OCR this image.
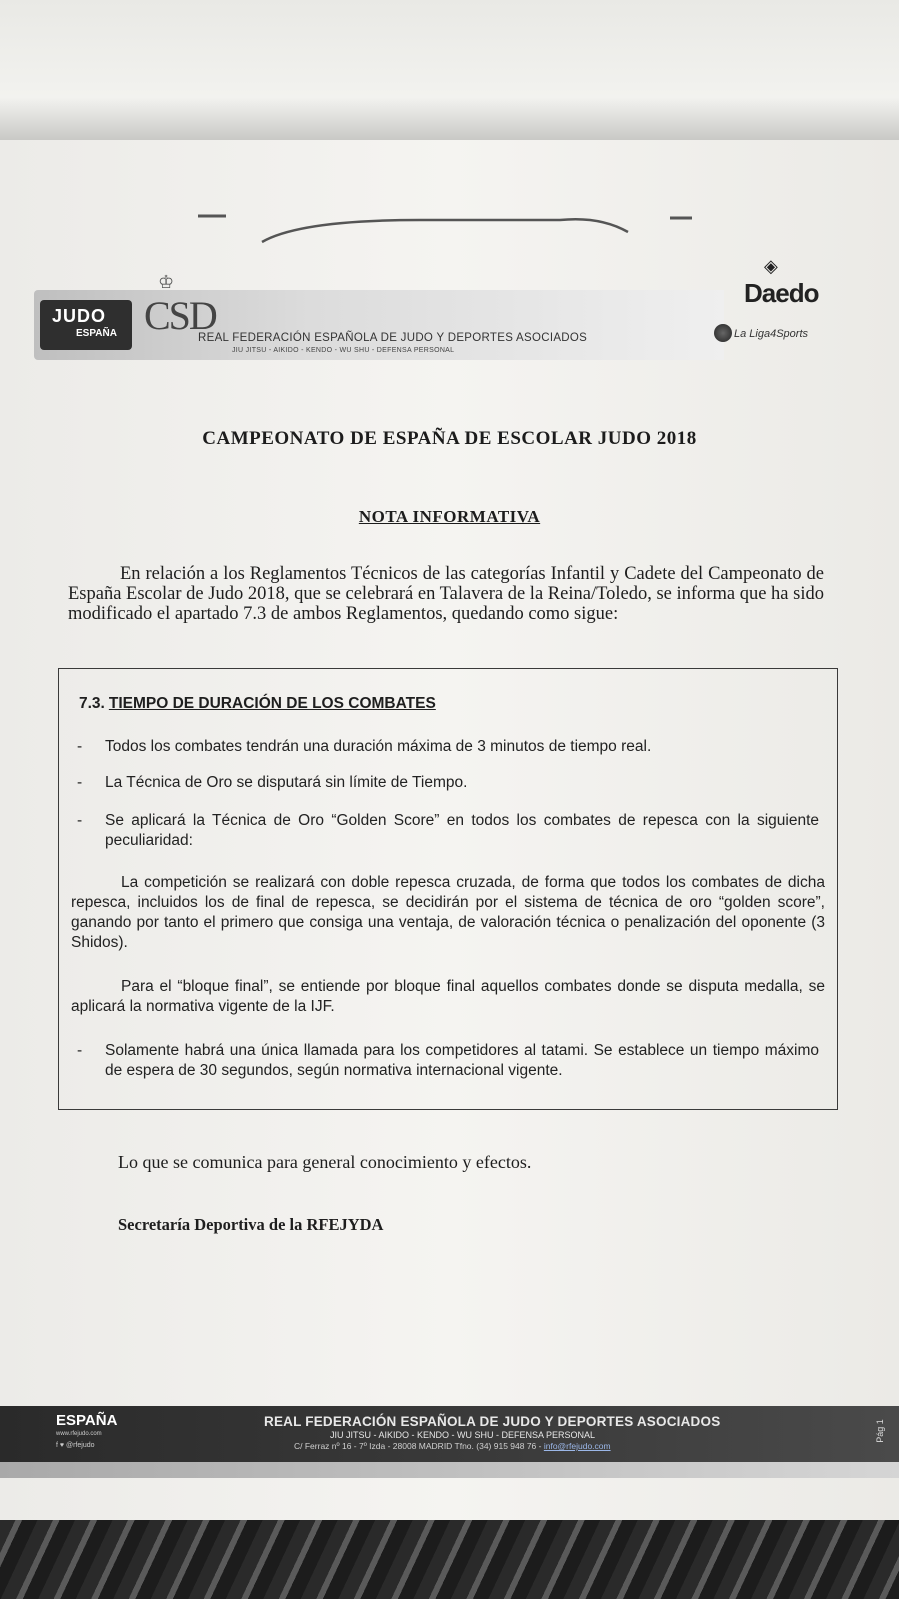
JUDO
ESPAÑA
♔
CSD
REAL FEDERACIÓN ESPAÑOLA DE JUDO Y DEPORTES ASOCIADOS
JIU JITSU - AIKIDO - KENDO - WU SHU - DEFENSA PERSONAL
◈
Daedo
La Liga4Sports
CAMPEONATO DE ESPAÑA DE ESCOLAR JUDO 2018
NOTA INFORMATIVA

En relación a los Reglamentos Técnicos de las categorías Infantil y Cadete del Campeonato de España Escolar de Judo 2018, que se celebrará en Talavera de la Reina/Toledo, se informa que ha sido modificado el apartado 7.3 de ambos Reglamentos, quedando como sigue:

7.3. TIEMPO DE DURACIÓN DE LOS COMBATES
- Todos los combates tendrán una duración máxima de 3 minutos de tiempo real.
- La Técnica de Oro se disputará sin límite de Tiempo.
- Se aplicará la Técnica de Oro “Golden Score” en todos los combates de repesca con la siguiente peculiaridad:
La competición se realizará con doble repesca cruzada, de forma que todos los combates de dicha repesca, incluidos los de final de repesca, se decidirán por el sistema de técnica de oro “golden score”, ganando por tanto el primero que consiga una ventaja, de valoración técnica o penalización del oponente (3 Shidos).
Para el “bloque final”, se entiende por bloque final aquellos combates donde se disputa medalla, se aplicará la normativa vigente de la IJF.
- Solamente habrá una única llamada para los competidores al tatami. Se establece un tiempo máximo de espera de 30 segundos, según normativa internacional vigente.
Lo que se comunica para general conocimiento y efectos.
Secretaría Deportiva de la RFEJYDA
ESPAÑA
www.rfejudo.com
f ♥ @rfejudo
REAL FEDERACIÓN ESPAÑOLA DE JUDO Y DEPORTES ASOCIADOS
JIU JITSU - AIKIDO - KENDO - WU SHU - DEFENSA PERSONAL
C/ Ferraz nº 16 - 7º Izda - 28008 MADRID Tfno. (34) 915 948 76 - info@rfejudo.com
Pág 1
